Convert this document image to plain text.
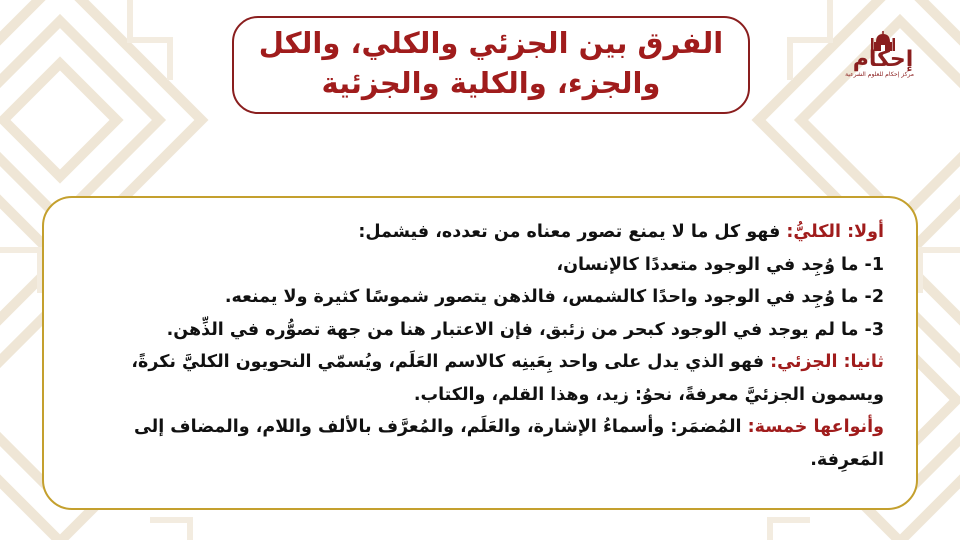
إحكام
مركز إحكام للعلوم الشرعية
الفرق بين الجزئي والكلي، والكل
والجزء، والكلية والجزئية

أولا: الكليُّ: فهو كل ما لا يمنع تصور معناه من تعدده، فيشمل:

1- ما وُجِد في الوجود متعددًا كالإنسان،

2- ما وُجِد في الوجود واحدًا كالشمس، فالذهن يتصور شموسًا كثيرة ولا يمنعه.

3- ما لم يوجد في الوجود كبحر من زئبق، فإن الاعتبار هنا من جهة تصوُّره في الذِّهن.

ثانيا: الجزئي: فهو الذي يدل على واحد بِعَينِه كالاسم العَلَم، ويُسمّي النحويون الكليَّ نكرةً، ويسمون الجزئيَّ معرفةً، نحوُ: زيد، وهذا القلم، والكتاب.

وأنواعها خمسة: المُضمَر: وأسماءُ الإشارة، والعَلَم، والمُعرَّف بالألف واللام، والمضاف إلى المَعرِفة.
